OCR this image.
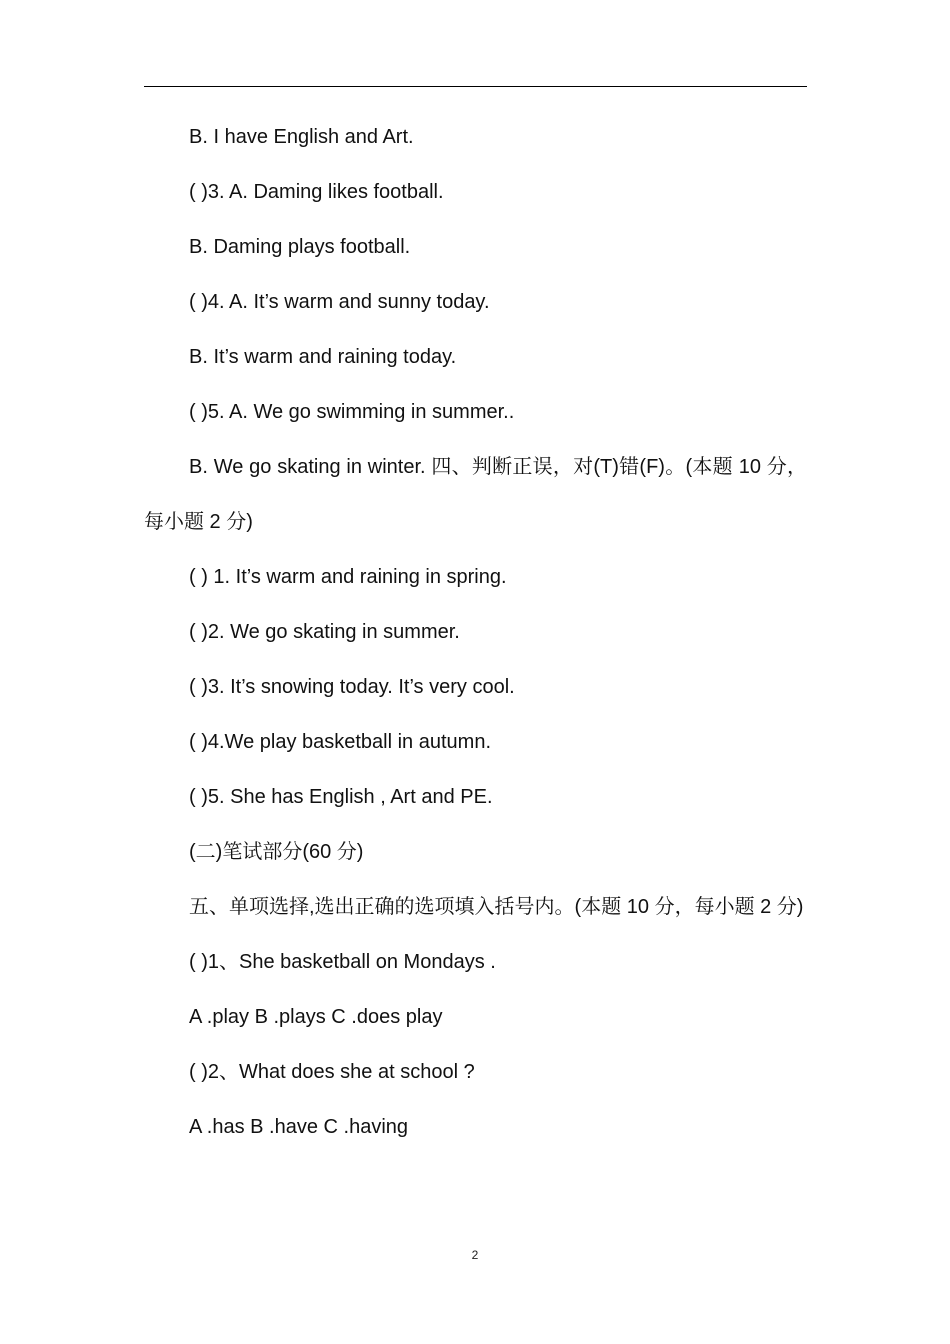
B. I have English and Art.
( )3. A. Daming likes football.
B. Daming plays football.
( )4. A. It’s warm and sunny today.
B. It’s warm and raining today.
( )5. A. We go swimming in summer..
B. We go skating in winter. 四、判断正误，对(T)错(F)。(本题 10 分，每小题 2 分)
( ) 1. It’s warm and raining in spring.
( )2. We go skating in summer.
( )3. It’s snowing today. It’s very cool.
( )4.We play basketball in autumn.
( )5. She has English , Art and PE.
(二)笔试部分(60 分)
五、单项选择,选出正确的选项填入括号内。(本题 10 分，每小题 2 分)
( )1、She basketball on Mondays .
A .play B .plays C .does play
( )2、What does she at school ?
A .has B .have C .having
2
